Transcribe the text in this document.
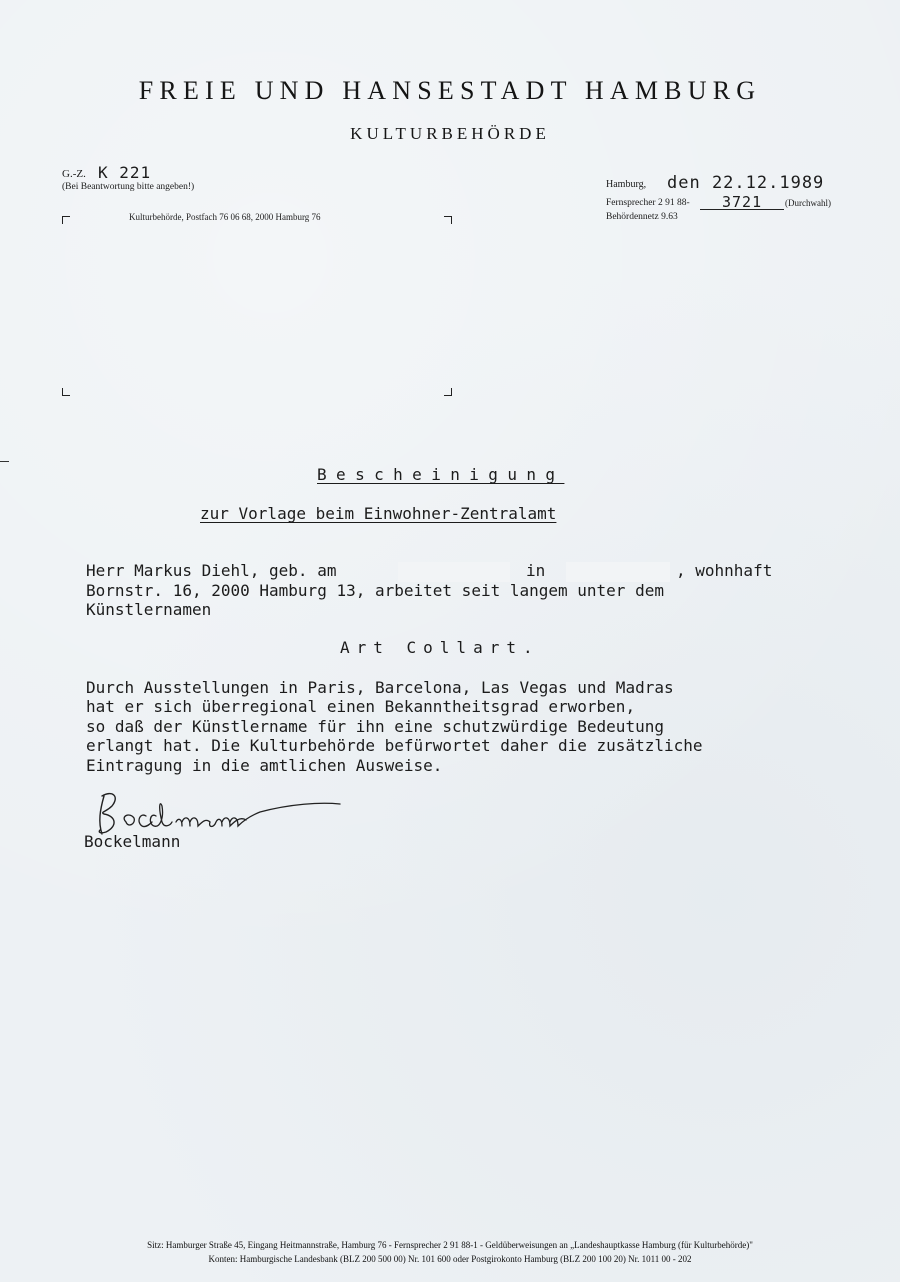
FREIE UND HANSESTADT HAMBURG
KULTURBEHÖRDE
G.-Z. K 221
(Bei Beantwortung bitte angeben!)
Kulturbehörde, Postfach 76 06 68, 2000 Hamburg 76
Hamburg, den 22.12.1989
Fernsprecher 2 91 88- 3721	(Durchwahl)
Behördennetz 9.63
Bescheinigung
zur Vorlage beim Einwohner-Zentralamt
Herr Markus Diehl, geb. am	in	, wohnhaft
Bornstr. 16, 2000 Hamburg 13, arbeitet seit langem unter dem
Künstlernamen
Art Collart.
Durch Ausstellungen in Paris, Barcelona, Las Vegas und Madras
hat er sich überregional einen Bekanntheitsgrad erworben,
so daß der Künstlername für ihn eine schutzwürdige Bedeutung
erlangt hat. Die Kulturbehörde befürwortet daher die zusätzliche
Eintragung in die amtlichen Ausweise.
Bockelmann
Sitz: Hamburger Straße 45, Eingang Heitmannstraße, Hamburg 76 - Fernsprecher 2 91 88-1 - Geldüberweisungen an „Landeshauptkasse Hamburg (für Kulturbehörde)"
Konten: Hamburgische Landesbank (BLZ 200 500 00) Nr. 101 600 oder Postgirokonto Hamburg (BLZ 200 100 20) Nr. 1011 00 - 202
